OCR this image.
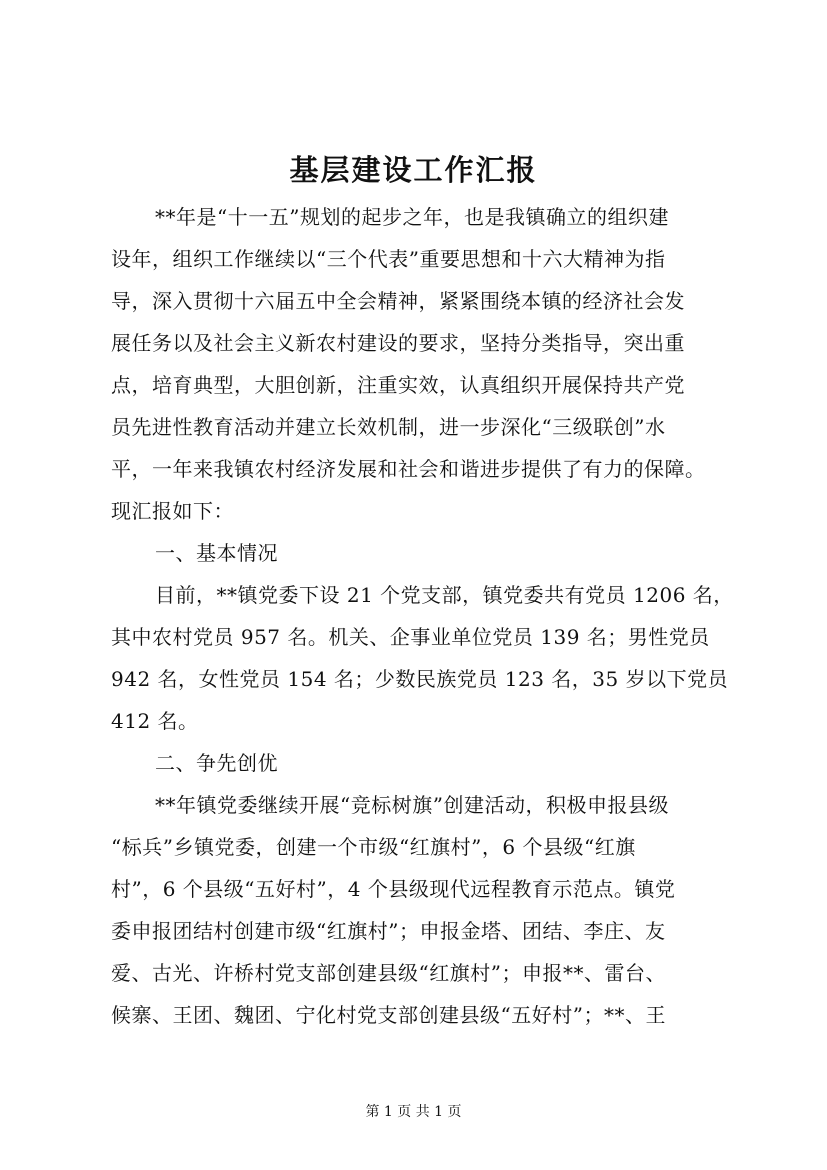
基层建设工作汇报
**年是“十一五”规划的起步之年，也是我镇确立的组织建
设年，组织工作继续以“三个代表”重要思想和十六大精神为指
导，深入贯彻十六届五中全会精神，紧紧围绕本镇的经济社会发
展任务以及社会主义新农村建设的要求，坚持分类指导，突出重
点，培育典型，大胆创新，注重实效，认真组织开展保持共产党
员先进性教育活动并建立长效机制，进一步深化“三级联创”水
平，一年来我镇农村经济发展和社会和谐进步提供了有力的保障。
现汇报如下：
一、基本情况
目前，**镇党委下设 21 个党支部，镇党委共有党员 1206 名，
其中农村党员 957 名。机关、企事业单位党员 139 名；男性党员
942 名，女性党员 154 名；少数民族党员 123 名，35 岁以下党员
412 名。
二、争先创优
**年镇党委继续开展“竞标树旗”创建活动，积极申报县级
“标兵”乡镇党委，创建一个市级“红旗村”，6 个县级“红旗
村”，6 个县级“五好村”，4 个县级现代远程教育示范点。镇党
委申报团结村创建市级“红旗村”；申报金塔、团结、李庄、友
爱、古光、许桥村党支部创建县级“红旗村”；申报**、雷台、
候寨、王团、魏团、宁化村党支部创建县级“五好村”；**、王
第 1 页 共 1 页
